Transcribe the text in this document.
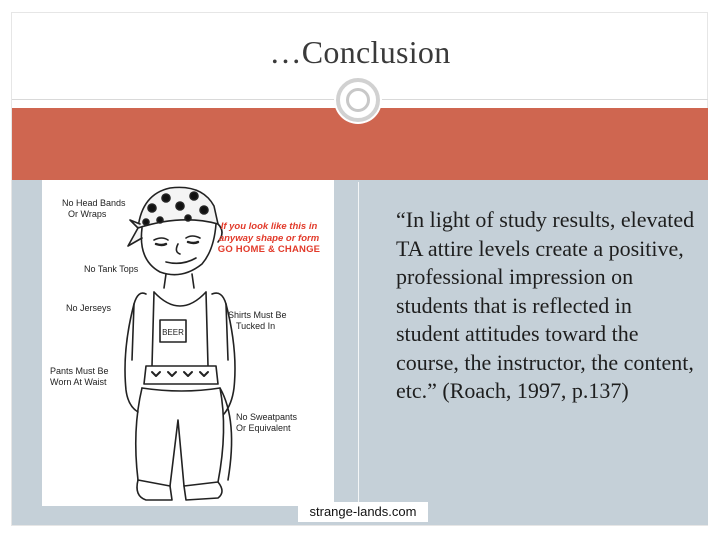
…Conclusion
BEER
No Head Bands
Or Wraps
No Tank Tops
No Jerseys
Shirts Must Be
Tucked In
Pants Must Be
Worn At Waist
No Sweatpants
Or Equivalent
If you look like this in
anyway shape or form
GO HOME & CHANGE
“In light of study results, elevated TA attire levels create a positive, professional impression on students that is reflected in student attitudes toward the course, the instructor, the content, etc.” (Roach, 1997, p.137)
strange-lands.com
